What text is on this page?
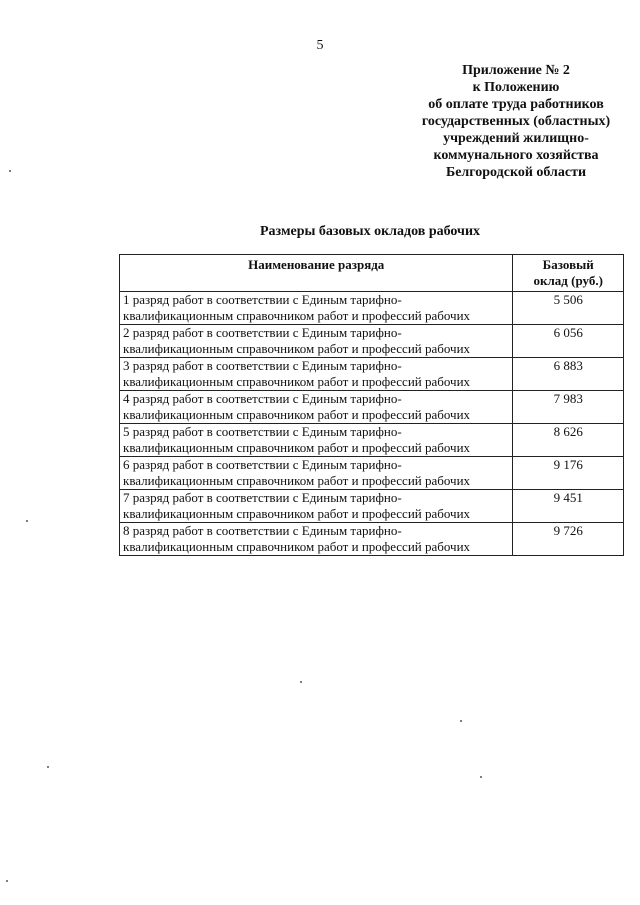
5
Приложение № 2
к Положению
об оплате труда работников
государственных (областных)
учреждений жилищно-
коммунального хозяйства
Белгородской области
Размеры базовых окладов рабочих
Наименование разряда	Базовый
оклад (руб.)

1 разряд работ в соответствии с Единым тарифно-
квалификационным справочником работ и профессий рабочих	5 506

2 разряд работ в соответствии с Единым тарифно-
квалификационным справочником работ и профессий рабочих	6 056

3 разряд работ в соответствии с Единым тарифно-
квалификационным справочником работ и профессий рабочих	6 883

4 разряд работ в соответствии с Единым тарифно-
квалификационным справочником работ и профессий рабочих	7 983

5 разряд работ в соответствии с Единым тарифно-
квалификационным справочником работ и профессий рабочих	8 626

6 разряд работ в соответствии с Единым тарифно-
квалификационным справочником работ и профессий рабочих	9 176

7 разряд работ в соответствии с Единым тарифно-
квалификационным справочником работ и профессий рабочих	9 451

8 разряд работ в соответствии с Единым тарифно-
квалификационным справочником работ и профессий рабочих	9 726
